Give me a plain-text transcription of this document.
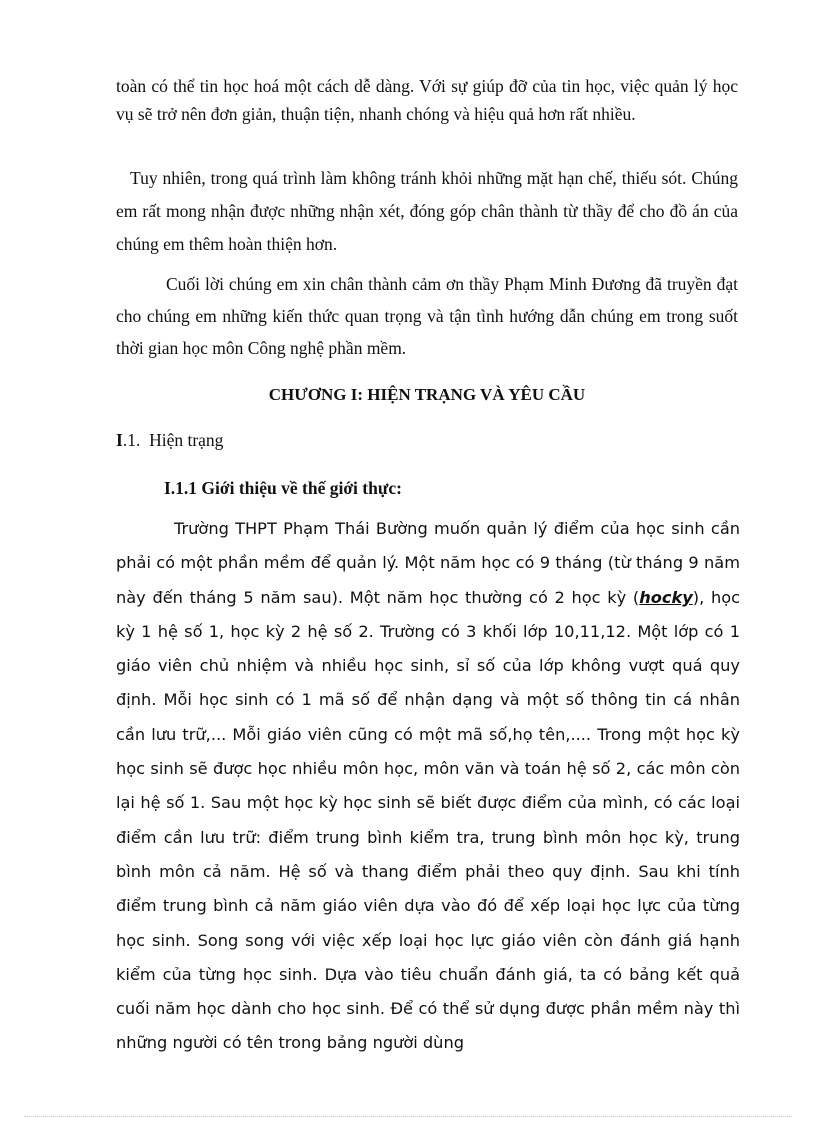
toàn có thể tin học hoá một cách dễ dàng. Với sự giúp đỡ của tin học, việc quản lý học vụ sẽ trở nên đơn giản, thuận tiện, nhanh chóng và hiệu quả hơn rất nhiều.

Tuy nhiên, trong quá trình làm không tránh khỏi những mặt hạn chế, thiếu sót. Chúng em rất mong nhận được những nhận xét, đóng góp chân thành từ thầy để cho đồ án của chúng em thêm hoàn thiện hơn.

Cuối lời chúng em xin chân thành cảm ơn thầy Phạm Minh Đương đã truyền đạt cho chúng em những kiến thức quan trọng và tận tình hướng dẫn chúng em trong suốt thời gian học môn Công nghệ phần mềm.

CHƯƠNG I: HIỆN TRẠNG VÀ YÊU CẦU
I.1. Hiện trạng
I.1.1 Giới thiệu về thế giới thực:

Trường THPT Phạm Thái Bường muốn quản lý điểm của học sinh cần phải có một phần mềm để quản lý. Một năm học có 9 tháng (từ tháng 9 năm này đến tháng 5 năm sau). Một năm học thường có 2 học kỳ (hocky), học kỳ 1 hệ số 1, học kỳ 2 hệ số 2. Trường có 3 khối lớp 10,11,12. Một lớp có 1 giáo viên chủ nhiệm và nhiều học sinh, sỉ số của lớp không vượt quá quy định. Mỗi học sinh có 1 mã số để nhận dạng và một số thông tin cá nhân cần lưu trữ,... Mỗi giáo viên cũng có một mã số,họ tên,.... Trong một học kỳ học sinh sẽ được học nhiều môn học, môn văn và toán hệ số 2, các môn còn lại hệ số 1. Sau một học kỳ học sinh sẽ biết được điểm của mình, có các loại điểm cần lưu trữ: điểm trung bình kiểm tra, trung bình môn học kỳ, trung bình môn cả năm. Hệ số và thang điểm phải theo quy định. Sau khi tính điểm trung bình cả năm giáo viên dựa vào đó để xếp loại học lực của từng học sinh. Song song với việc xếp loại học lực giáo viên còn đánh giá hạnh kiểm của từng học sinh. Dựa vào tiêu chuẩn đánh giá, ta có bảng kết quả cuối năm học dành cho học sinh. Để có thể sử dụng được phần mềm này thì những người có tên trong bảng người dùng
